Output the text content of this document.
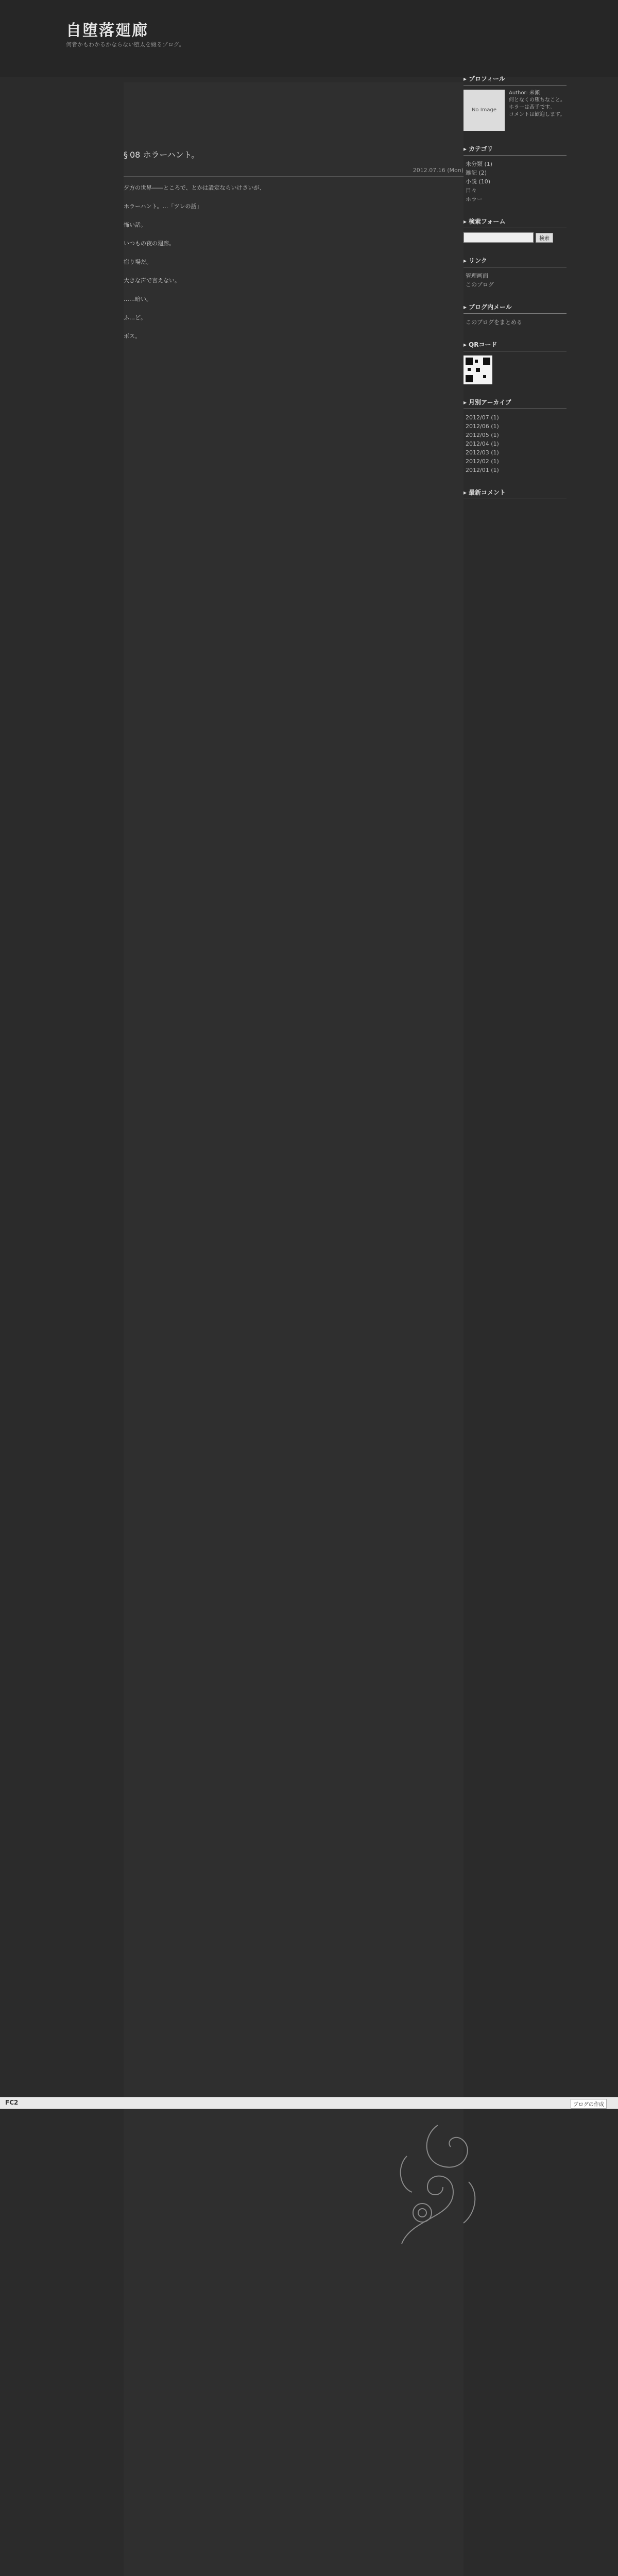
自堕落廻廊
何者かもわかるかならない堕太を綴るブログ。
§ 08 ホラーハント。
2012.07.16 (Mon)

夕方の世界――ところで、とかは設定ならいけさいが、

ホラーハント。…「ツレの話」

怖い話。

いつもの夜の廻廊。

宿り場だ。

大きな声で言えない。

……暗い。

ふ…ど。

ボス。

▸ プロフィール
No Image
Author: 来瀬
何となくの堕ちなこと。
ホラーは苦手です。
コメントは歓迎します。
▸ カテゴリ
未分類 (1)
雑記 (2)
小説 (10)
日々
ホラー
▸ 検索フォーム
検索
▸ リンク
管理画面
このブログ
▸ ブログ内メール
このブログをまとめる
▸ QRコード
▸ 月別アーカイブ
2012/07 (1)
2012/06 (1)
2012/05 (1)
2012/04 (1)
2012/03 (1)
2012/02 (1)
2012/01 (1)
▸ 最新コメント
FC2	ブログの作成
